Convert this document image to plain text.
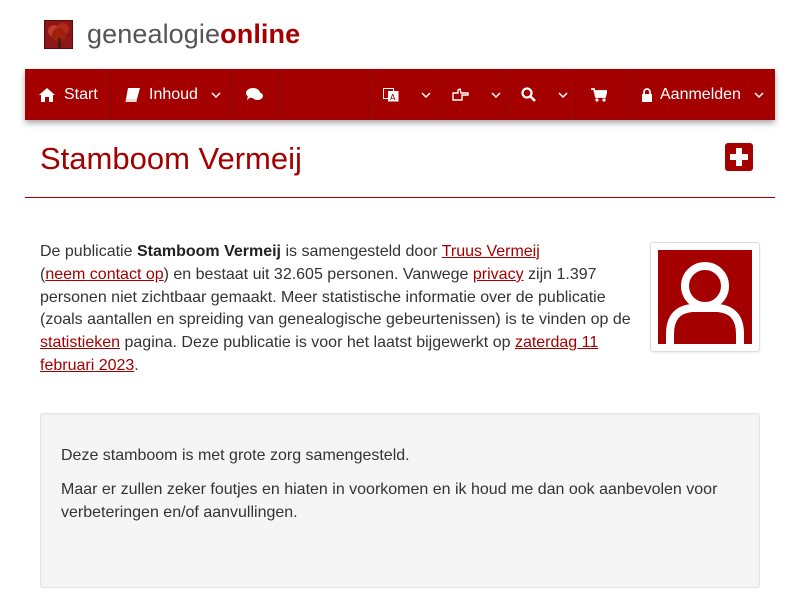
genealogieonline
Start	Inhoud	A	Aanmelden
Stamboom Vermeij
De publicatie Stamboom Vermeij is samengesteld door Truus Vermeij
(neem contact op) en bestaat uit 32.605 personen. Vanwege privacy zijn 1.397 personen niet zichtbaar gemaakt. Meer statistische informatie over de publicatie (zoals aantallen en spreiding van genealogische gebeurtenissen) is te vinden op de statistieken pagina. Deze publicatie is voor het laatst bijgewerkt op zaterdag 11 februari 2023.

Deze stamboom is met grote zorg samengesteld.

Maar er zullen zeker foutjes en hiaten in voorkomen en ik houd me dan ook aanbevolen voor verbeteringen en/of aanvullingen.
